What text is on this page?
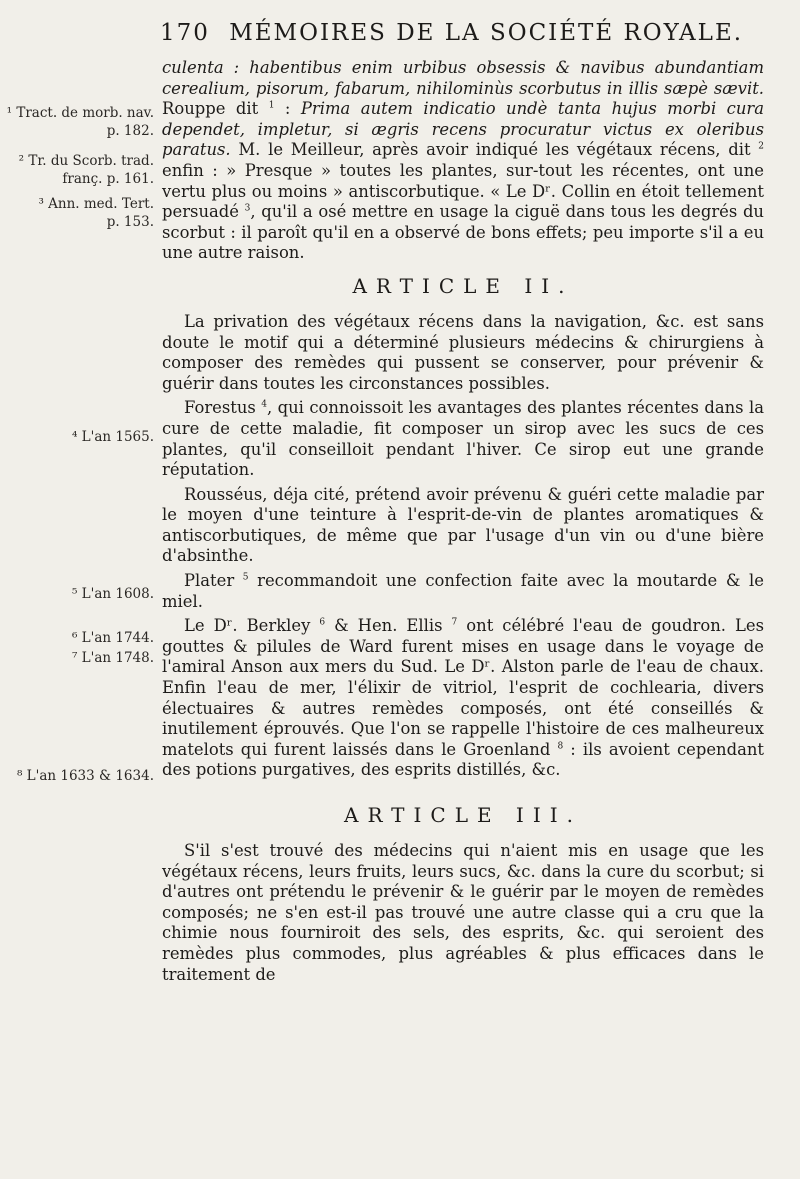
170 MÉMOIRES DE LA SOCIÉTÉ ROYALE.
¹ Tract. de morb. nav. p. 182.
² Tr. du Scorb. trad. franç. p. 161.
³ Ann. med. Tert. p. 153.
⁴ L'an 1565.
⁵ L'an 1608.
⁶ L'an 1744.
⁷ L'an 1748.
⁸ L'an 1633 & 1634.

culenta : habentibus enim urbibus obsessis & navibus abundantiam cerealium, pisorum, fabarum, nihilominùs scorbutus in illis sæpè sævit. Rouppe dit $^1$ : Prima autem indicatio undè tanta hujus morbi cura dependet, impletur, si ægris recens procuratur victus ex oleribus paratus. M. le Meilleur, après avoir indiqué les végétaux récens, dit $^2$ enfin : » Presque » toutes les plantes, sur-tout les récentes, ont une vertu plus ou moins » antiscorbutique. « Le Dʳ. Collin en étoit tellement persuadé $^3$, qu'il a osé mettre en usage la ciguë dans tous les degrés du scorbut : il paroît qu'il en a observé de bons effets; peu importe s'il a eu une autre raison.

ARTICLE II.

La privation des végétaux récens dans la navigation, &c. est sans doute le motif qui a déterminé plusieurs médecins & chirurgiens à composer des remèdes qui pussent se conserver, pour prévenir & guérir dans toutes les circonstances possibles.

Forestus $^4$, qui connoissoit les avantages des plantes récentes dans la cure de cette maladie, fit composer un sirop avec les sucs de ces plantes, qu'il conseilloit pendant l'hiver. Ce sirop eut une grande réputation.

Rousséus, déja cité, prétend avoir prévenu & guéri cette maladie par le moyen d'une teinture à l'esprit-de-vin de plantes aromatiques & antiscorbutiques, de même que par l'usage d'un vin ou d'une bière d'absinthe.

Plater $^5$ recommandoit une confection faite avec la moutarde & le miel.

Le Dʳ. Berkley $^6$ & Hen. Ellis $^7$ ont célébré l'eau de goudron. Les gouttes & pilules de Ward furent mises en usage dans le voyage de l'amiral Anson aux mers du Sud. Le Dʳ. Alston parle de l'eau de chaux. Enfin l'eau de mer, l'élixir de vitriol, l'esprit de cochlearia, divers électuaires & autres remèdes composés, ont été conseillés & inutilement éprouvés. Que l'on se rappelle l'histoire de ces malheureux matelots qui furent laissés dans le Groenland $^8$ : ils avoient cependant des potions purgatives, des esprits distillés, &c.

ARTICLE III.

S'il s'est trouvé des médecins qui n'aient mis en usage que les végétaux récens, leurs fruits, leurs sucs, &c. dans la cure du scorbut; si d'autres ont prétendu le prévenir & le guérir par le moyen de remèdes composés; ne s'en est-il pas trouvé une autre classe qui a cru que la chimie nous fourniroit des sels, des esprits, &c. qui seroient des remèdes plus commodes, plus agréables & plus efficaces dans le traitement de
